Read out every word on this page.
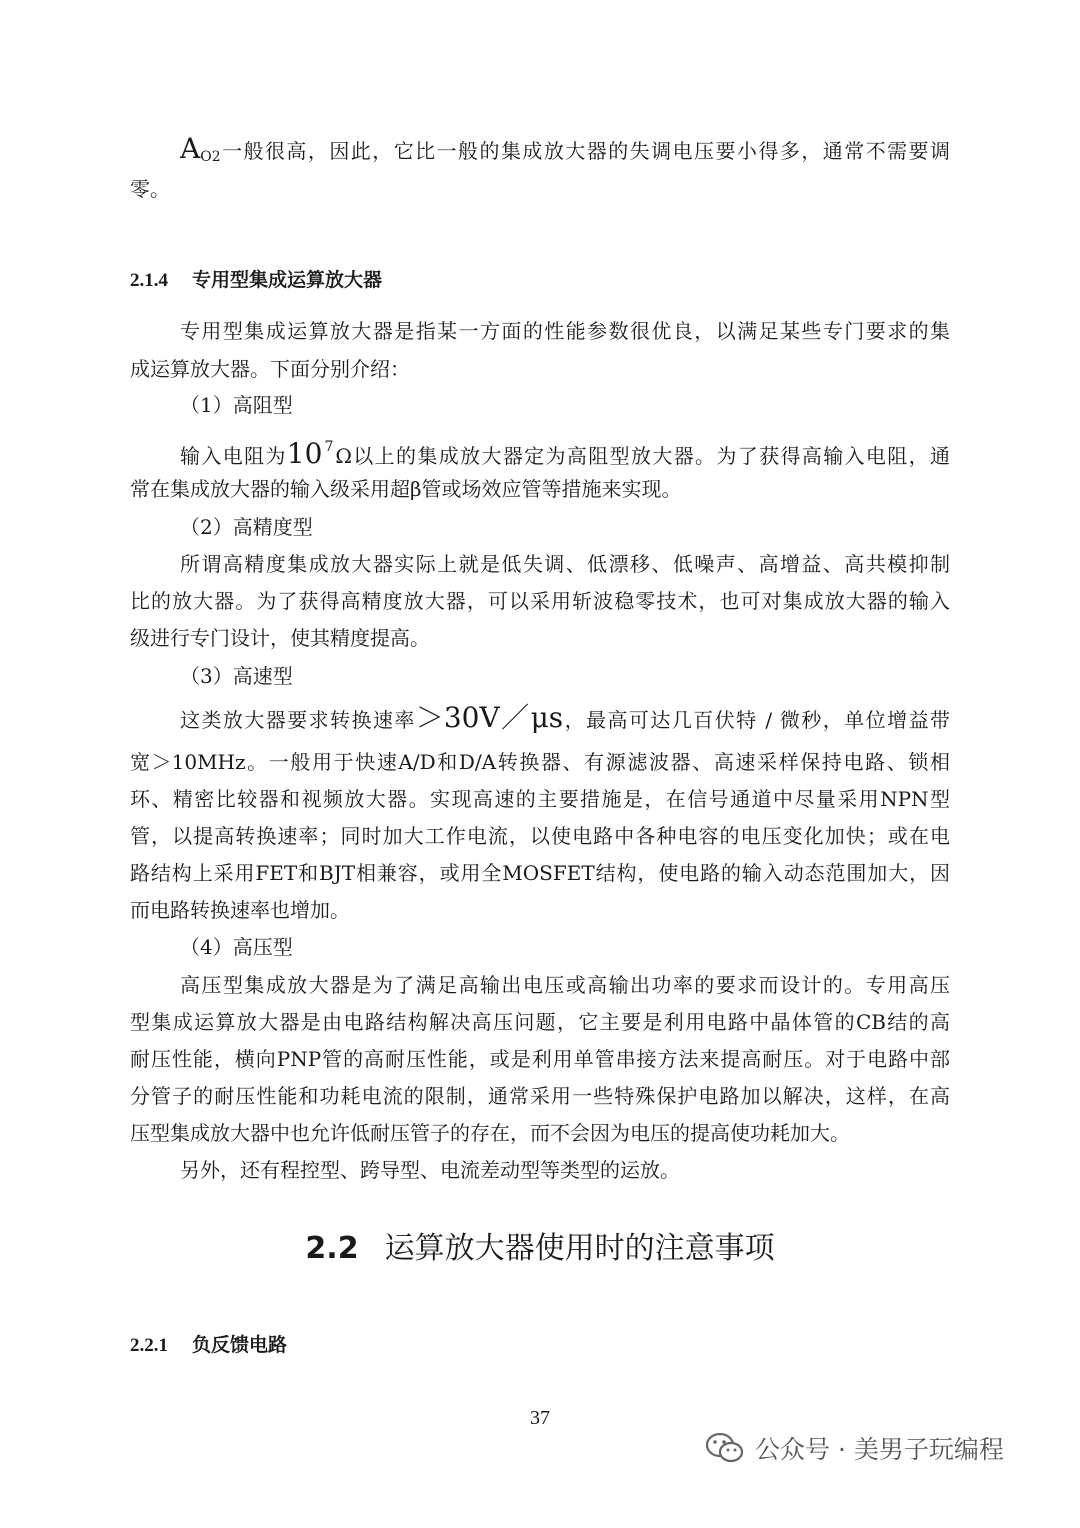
$A_{O2}$一般很高，因此，它比一般的集成放大器的失调电压要小得多，通常不需要调
零。
2.1.4 专用型集成运算放大器
专用型集成运算放大器是指某一方面的性能参数很优良，以满足某些专门要求的集
成运算放大器。下面分别介绍：
（1）高阻型
输入电阻为10 $^7$ Ω以上的集成放大器定为高阻型放大器。为了获得高输入电阻，通
常在集成放大器的输入级采用超β管或场效应管等措施来实现。
（2）高精度型
所谓高精度集成放大器实际上就是低失调、低漂移、低噪声、高增益、高共模抑制
比的放大器。为了获得高精度放大器，可以采用斩波稳零技术，也可对集成放大器的输入
级进行专门设计，使其精度提高。
（3）高速型
这类放大器要求转换速率＞30V／μs，最高可达几百伏特 / 微秒，单位增益带
宽＞10MHz。一般用于快速A/D和D/A转换器、有源滤波器、高速采样保持电路、锁相
环、精密比较器和视频放大器。实现高速的主要措施是，在信号通道中尽量采用NPN型
管，以提高转换速率；同时加大工作电流，以使电路中各种电容的电压变化加快；或在电
路结构上采用FET和BJT相兼容，或用全MOSFET结构，使电路的输入动态范围加大，因
而电路转换速率也增加。
（4）高压型
高压型集成放大器是为了满足高输出电压或高输出功率的要求而设计的。专用高压
型集成运算放大器是由电路结构解决高压问题，它主要是利用电路中晶体管的CB结的高
耐压性能，横向PNP管的高耐压性能，或是利用单管串接方法来提高耐压。对于电路中部
分管子的耐压性能和功耗电流的限制，通常采用一些特殊保护电路加以解决，这样，在高
压型集成放大器中也允许低耐压管子的存在，而不会因为电压的提高使功耗加大。
另外，还有程控型、跨导型、电流差动型等类型的运放。
2.2 运算放大器使用时的注意事项
2.2.1 负反馈电路
37
公众号 · 美男子玩编程
